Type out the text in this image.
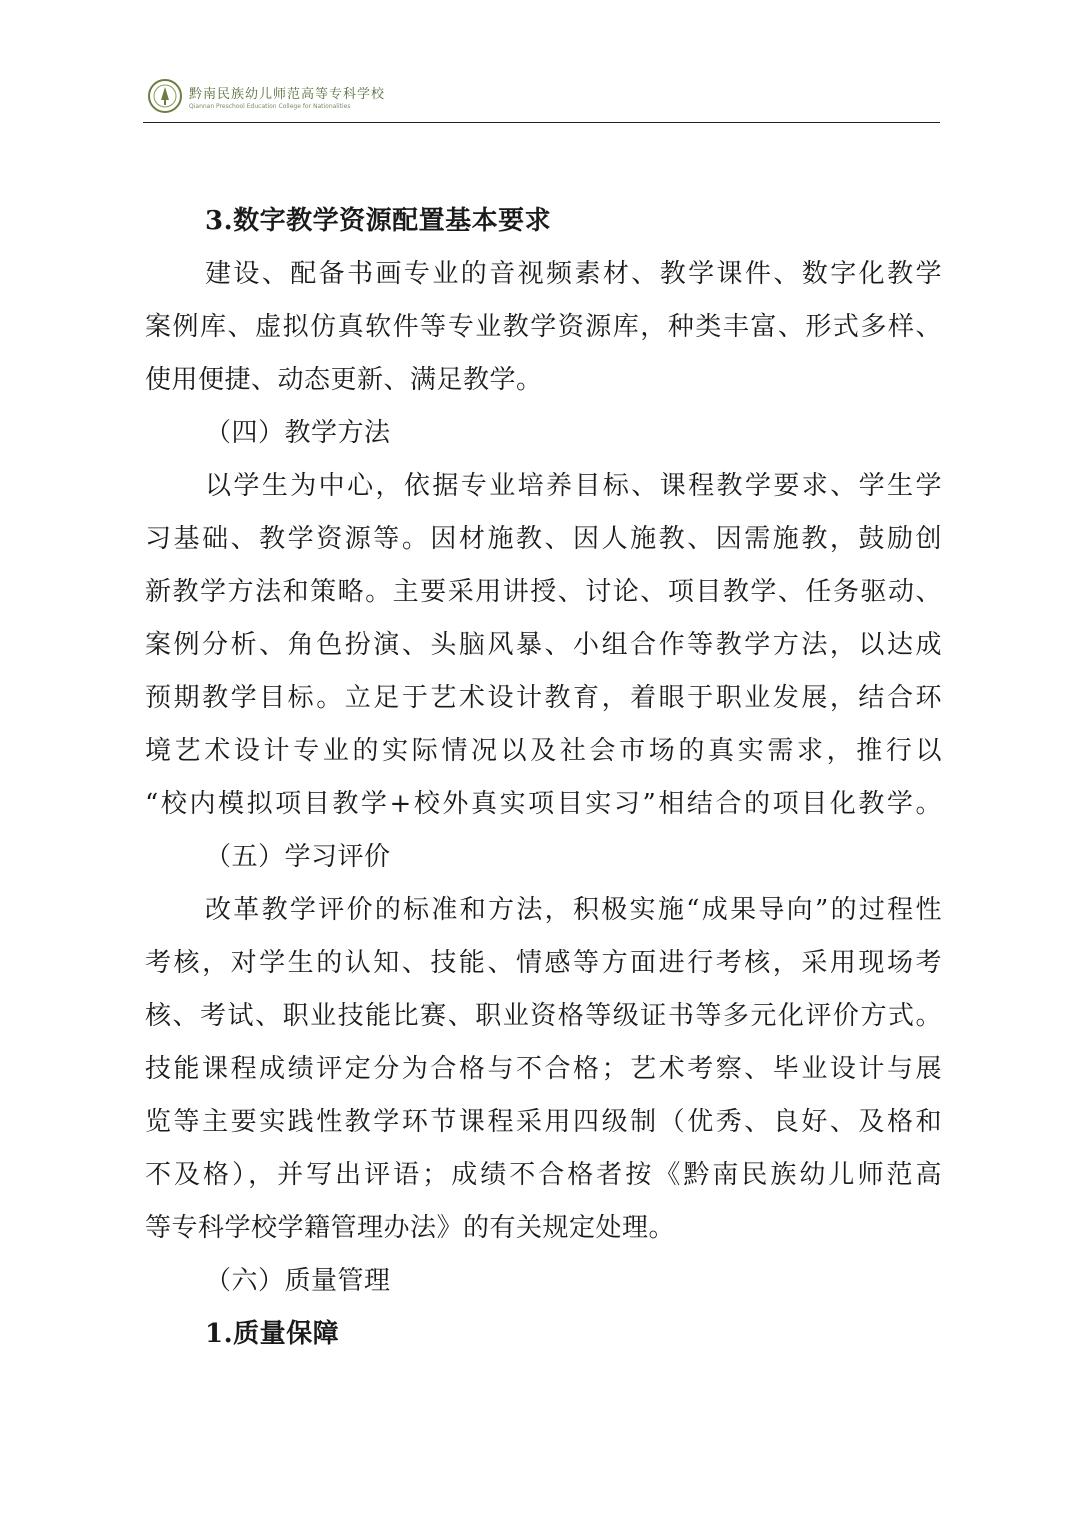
黔南民族幼儿师范高等专科学校
Qiannan Preschool Education College for Nationalities
3.数字教学资源配置基本要求
建设、配备书画专业的音视频素材、教学课件、数字化教学
案例库、虚拟仿真软件等专业教学资源库，种类丰富、形式多样、
使用便捷、动态更新、满足教学。
（四）教学方法
以学生为中心，依据专业培养目标、课程教学要求、学生学
习基础、教学资源等。因材施教、因人施教、因需施教，鼓励创
新教学方法和策略。主要采用讲授、讨论、项目教学、任务驱动、
案例分析、角色扮演、头脑风暴、小组合作等教学方法，以达成
预期教学目标。立足于艺术设计教育，着眼于职业发展，结合环
境艺术设计专业的实际情况以及社会市场的真实需求，推行以
“校内模拟项目教学+校外真实项目实习”相结合的项目化教学。
（五）学习评价
改革教学评价的标准和方法，积极实施“成果导向”的过程性
考核，对学生的认知、技能、情感等方面进行考核，采用现场考
核、考试、职业技能比赛、职业资格等级证书等多元化评价方式。
技能课程成绩评定分为合格与不合格；艺术考察、毕业设计与展
览等主要实践性教学环节课程采用四级制（优秀、良好、及格和
不及格），并写出评语；成绩不合格者按《黔南民族幼儿师范高
等专科学校学籍管理办法》的有关规定处理。
（六）质量管理
1.质量保障
